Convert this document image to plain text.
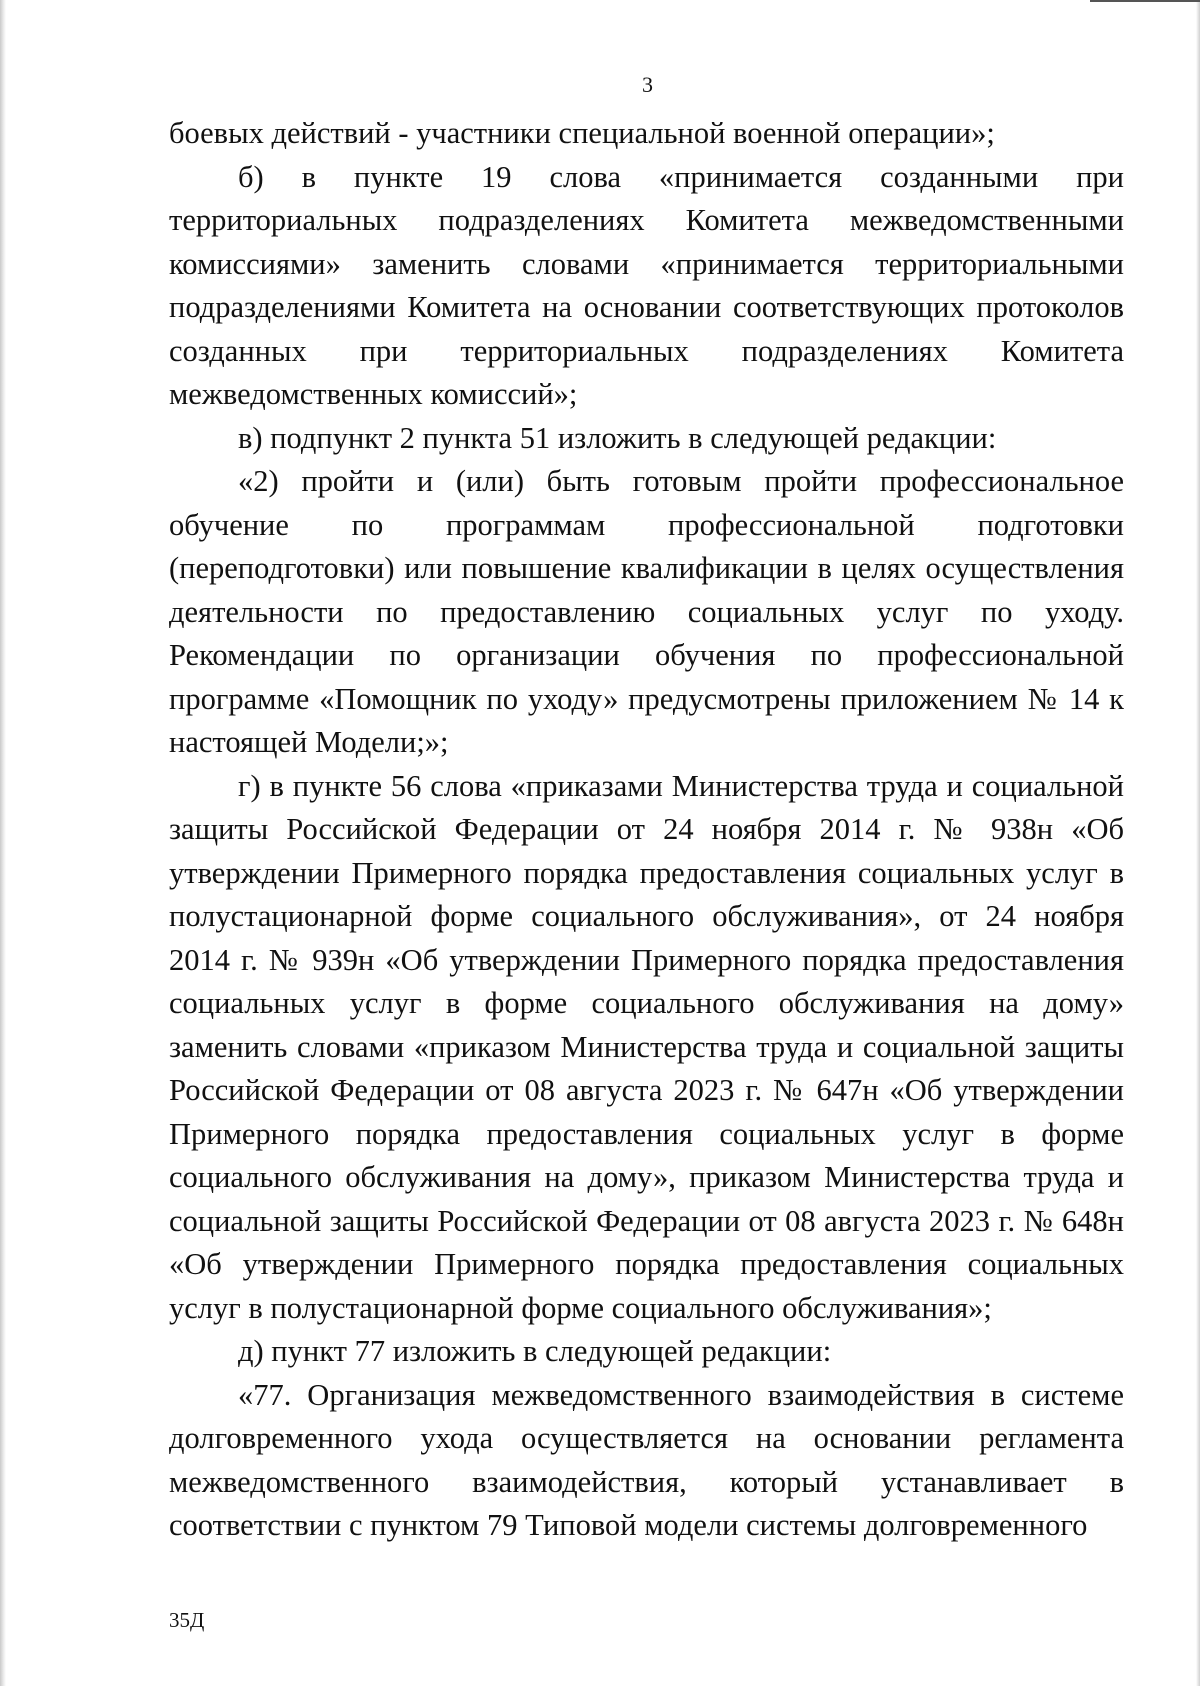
3

боевых действий - участники специальной военной операции»;

б) в пункте 19 слова «принимается созданными при территориальных подразделениях Комитета межведомственными комиссиями» заменить словами «принимается территориальными подразделениями Комитета на основании соответствующих протоколов созданных при территориальных подразделениях Комитета межведомственных комиссий»;

в) подпункт 2 пункта 51 изложить в следующей редакции:

«2) пройти и (или) быть готовым пройти профессиональное обучение по программам профессиональной подготовки (переподготовки) или повышение квалификации в целях осуществления деятельности по предоставлению социальных услуг по уходу. Рекомендации по организации обучения по профессиональной программе «Помощник по уходу» предусмотрены приложением № 14 к настоящей Модели;»;

г) в пункте 56 слова «приказами Министерства труда и социальной защиты Российской Федерации от 24 ноября 2014 г. № 938н «Об утверждении Примерного порядка предоставления социальных услуг в полустационарной форме социального обслуживания», от 24 ноября 2014 г. № 939н «Об утверждении Примерного порядка предоставления социальных услуг в форме социального обслуживания на дому» заменить словами «приказом Министерства труда и социальной защиты Российской Федерации от 08 августа 2023 г. № 647н «Об утверждении Примерного порядка предоставления социальных услуг в форме социального обслуживания на дому», приказом Министерства труда и социальной защиты Российской Федерации от 08 августа 2023 г. № 648н «Об утверждении Примерного порядка предоставления социальных услуг в полустационарной форме социального обслуживания»;

д) пункт 77 изложить в следующей редакции:

«77. Организация межведомственного взаимодействия в системе долговременного ухода осуществляется на основании регламента межведомственного взаимодействия, который устанавливает в соответствии с пунктом 79 Типовой модели системы долговременного

35Д
